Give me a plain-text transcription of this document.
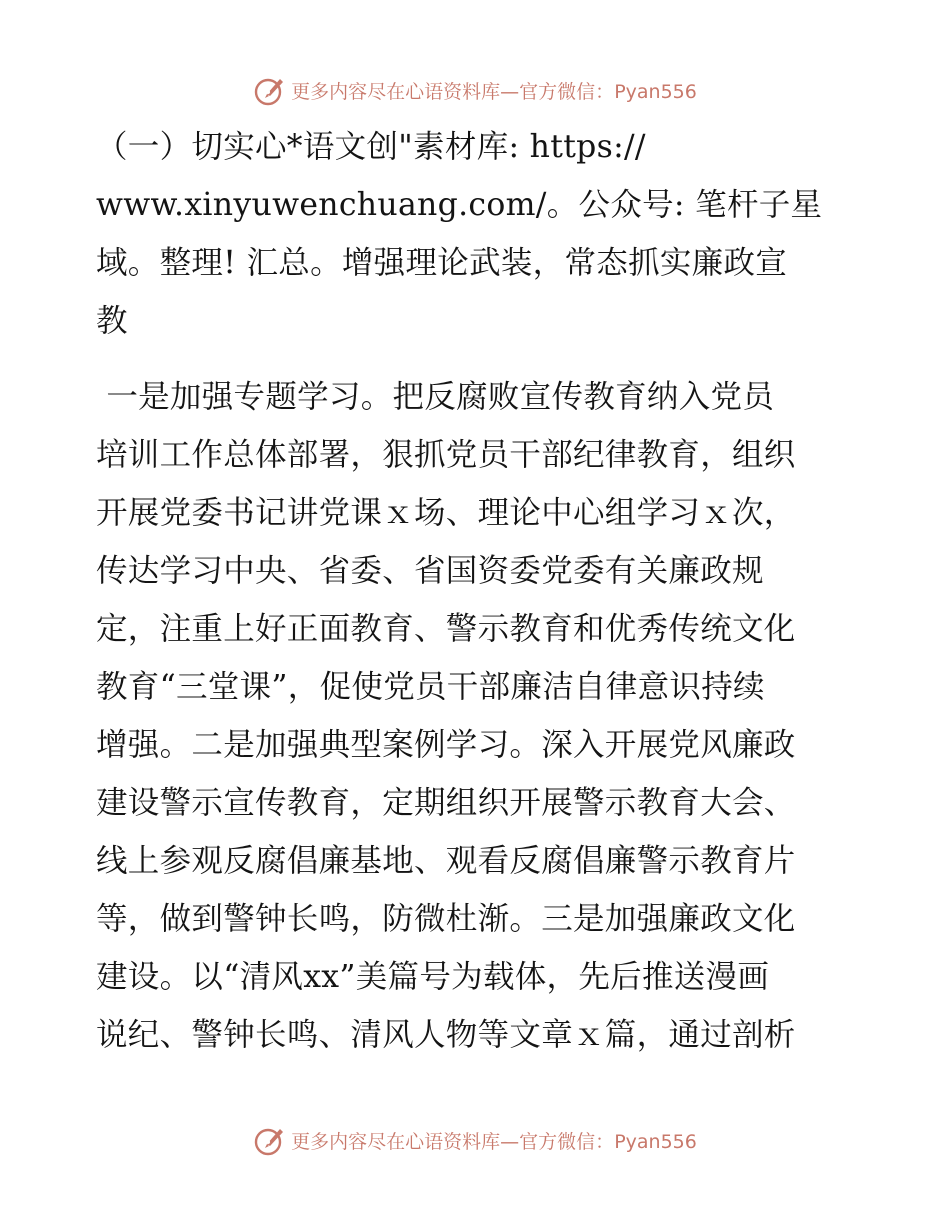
更多内容尽在心语资料库—官方微信：Pyan556
（一）切实心*语文创"素材库: https://
www.xinyuwenchuang.com/。公众号: 笔杆子星
域。整理! 汇总。增强理论武装，常态抓实廉政宣
教
一是加强专题学习。把反腐败宣传教育纳入党员
培训工作总体部署，狠抓党员干部纪律教育，组织
开展党委书记讲党课ｘ场、理论中心组学习ｘ次，
传达学习中央、省委、省国资委党委有关廉政规
定，注重上好正面教育、警示教育和优秀传统文化
教育“三堂课”，促使党员干部廉洁自律意识持续
增强。二是加强典型案例学习。深入开展党风廉政
建设警示宣传教育，定期组织开展警示教育大会、
线上参观反腐倡廉基地、观看反腐倡廉警示教育片
等，做到警钟长鸣，防微杜渐。三是加强廉政文化
建设。以“清风xx”美篇号为载体，先后推送漫画
说纪、警钟长鸣、清风人物等文章ｘ篇，通过剖析
更多内容尽在心语资料库—官方微信：Pyan556
